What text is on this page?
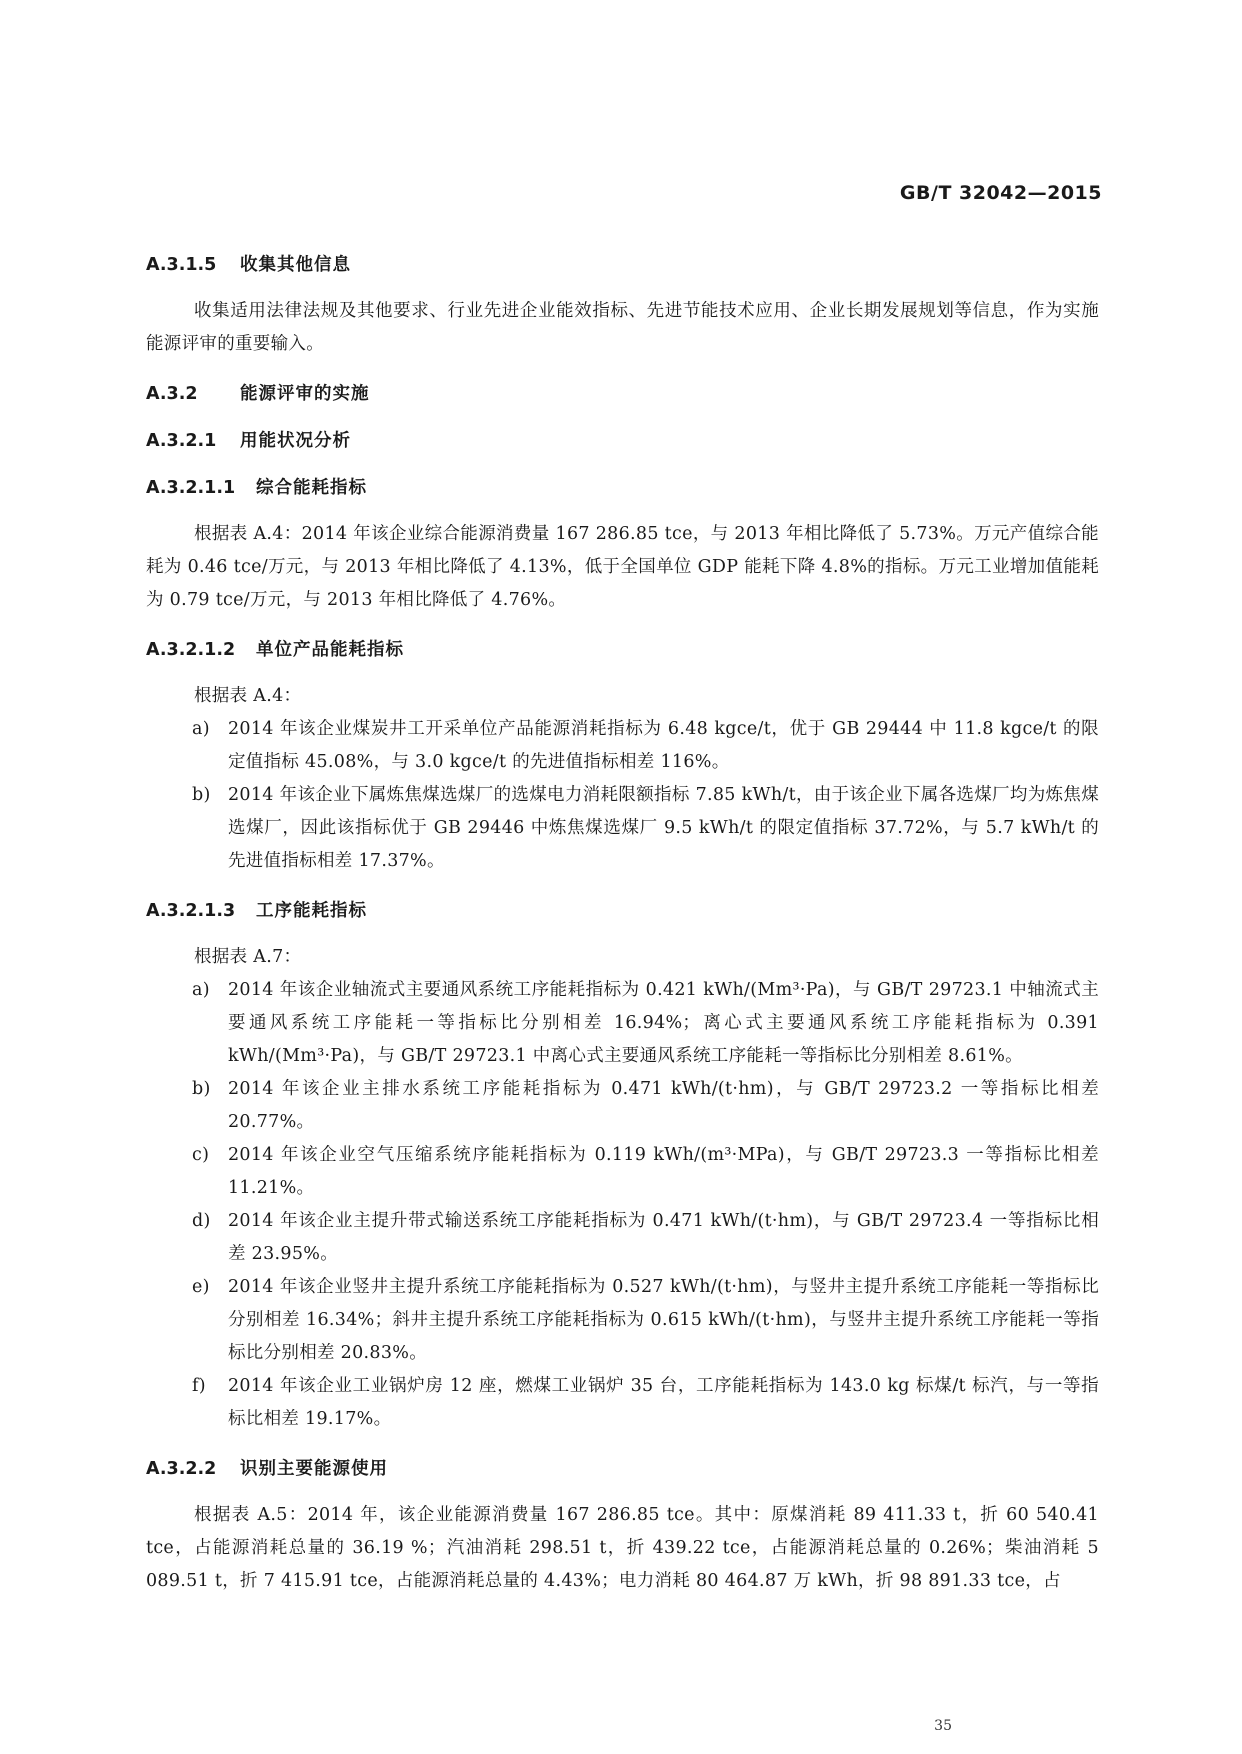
GB/T 32042—2015
A.3.1.5 收集其他信息

收集适用法律法规及其他要求、行业先进企业能效指标、先进节能技术应用、企业长期发展规划等信息，作为实施能源评审的重要输入。

A.3.2 能源评审的实施
A.3.2.1 用能状况分析
A.3.2.1.1 综合能耗指标

根据表 A.4：2014 年该企业综合能源消费量 167 286.85 tce，与 2013 年相比降低了 5.73%。万元产值综合能耗为 0.46 tce/万元，与 2013 年相比降低了 4.13%，低于全国单位 GDP 能耗下降 4.8%的指标。万元工业增加值能耗为 0.79 tce/万元，与 2013 年相比降低了 4.76%。

A.3.2.1.2 单位产品能耗指标

根据表 A.4：

a) 2014 年该企业煤炭井工开采单位产品能源消耗指标为 6.48 kgce/t，优于 GB 29444 中 11.8 kgce/t 的限定值指标 45.08%，与 3.0 kgce/t 的先进值指标相差 116%。
b) 2014 年该企业下属炼焦煤选煤厂的选煤电力消耗限额指标 7.85 kWh/t，由于该企业下属各选煤厂均为炼焦煤选煤厂，因此该指标优于 GB 29446 中炼焦煤选煤厂 9.5 kWh/t 的限定值指标 37.72%，与 5.7 kWh/t 的先进值指标相差 17.37%。
A.3.2.1.3 工序能耗指标

根据表 A.7：

a) 2014 年该企业轴流式主要通风系统工序能耗指标为 0.421 kWh/(Mm³·Pa)，与 GB/T 29723.1 中轴流式主要通风系统工序能耗一等指标比分别相差 16.94%；离心式主要通风系统工序能耗指标为 0.391 kWh/(Mm³·Pa)，与 GB/T 29723.1 中离心式主要通风系统工序能耗一等指标比分别相差 8.61%。
b) 2014 年该企业主排水系统工序能耗指标为 0.471 kWh/(t·hm)，与 GB/T 29723.2 一等指标比相差 20.77%。
c) 2014 年该企业空气压缩系统序能耗指标为 0.119 kWh/(m³·MPa)，与 GB/T 29723.3 一等指标比相差 11.21%。
d) 2014 年该企业主提升带式输送系统工序能耗指标为 0.471 kWh/(t·hm)，与 GB/T 29723.4 一等指标比相差 23.95%。
e) 2014 年该企业竖井主提升系统工序能耗指标为 0.527 kWh/(t·hm)，与竖井主提升系统工序能耗一等指标比分别相差 16.34%；斜井主提升系统工序能耗指标为 0.615 kWh/(t·hm)，与竖井主提升系统工序能耗一等指标比分别相差 20.83%。
f) 2014 年该企业工业锅炉房 12 座，燃煤工业锅炉 35 台，工序能耗指标为 143.0 kg 标煤/t 标汽，与一等指标比相差 19.17%。
A.3.2.2 识别主要能源使用

根据表 A.5：2014 年，该企业能源消费量 167 286.85 tce。其中：原煤消耗 89 411.33 t，折 60 540.41 tce，占能源消耗总量的 36.19 %；汽油消耗 298.51 t，折 439.22 tce，占能源消耗总量的 0.26%；柴油消耗 5 089.51 t，折 7 415.91 tce，占能源消耗总量的 4.43%；电力消耗 80 464.87 万 kWh，折 98 891.33 tce，占

35
